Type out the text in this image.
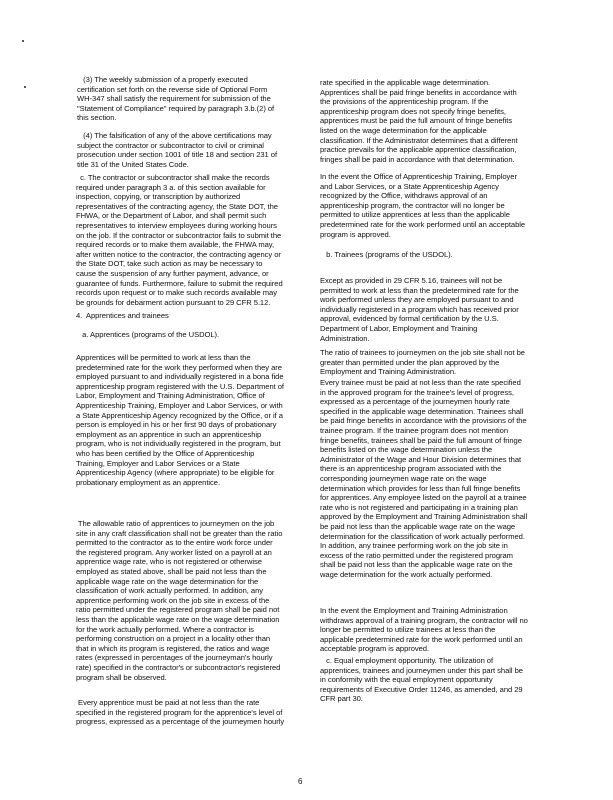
(3) The weekly submission of a properly executed
certification set forth on the reverse side of Optional Form
WH-347 shall satisfy the requirement for submission of the
"Statement of Compliance" required by paragraph 3.b.(2) of
this section.
(4) The falsification of any of the above certifications may
subject the contractor or subcontractor to civil or criminal
prosecution under section 1001 of title 18 and section 231 of
title 31 of the United States Code.
c. The contractor or subcontractor shall make the records
required under paragraph 3 a. of this section available for
inspection, copying, or transcription by authorized
representatives of the contracting agency, the State DOT, the
FHWA, or the Department of Labor, and shall permit such
representatives to interview employees during working hours
on the job. If the contractor or subcontractor fails to submit the
required records or to make them available, the FHWA may,
after written notice to the contractor, the contracting agency or
the State DOT, take such action as may be necessary to
cause the suspension of any further payment, advance, or
guarantee of funds. Furthermore, failure to submit the required
records upon request or to make such records available may
be grounds for debarment action pursuant to 29 CFR 5.12.
4.  Apprentices and trainees
a. Apprentices (programs of the USDOL).
Apprentices will be permitted to work at less than the
predetermined rate for the work they performed when they are
employed pursuant to and individually registered in a bona fide
apprenticeship program registered with the U.S. Department of
Labor, Employment and Training Administration, Office of
Apprenticeship Training, Employer and Labor Services, or with
a State Apprenticeship Agency recognized by the Office, or if a
person is employed in his or her first 90 days of probationary
employment as an apprentice in such an apprenticeship
program, who is not individually registered in the program, but
who has been certified by the Office of Apprenticeship
Training, Employer and Labor Services or a State
Apprenticeship Agency (where appropriate) to be eligible for
probationary employment as an apprentice.
The allowable ratio of apprentices to journeymen on the job
site in any craft classification shall not be greater than the ratio
permitted to the contractor as to the entire work force under
the registered program. Any worker listed on a payroll at an
apprentice wage rate, who is not registered or otherwise
employed as stated above, shall be paid not less than the
applicable wage rate on the wage determination for the
classification of work actually performed. In addition, any
apprentice performing work on the job site in excess of the
ratio permitted under the registered program shall be paid not
less than the applicable wage rate on the wage determination
for the work actually performed. Where a contractor is
performing construction on a project in a locality other than
that in which its program is registered, the ratios and wage
rates (expressed in percentages of the journeyman's hourly
rate) specified in the contractor's or subcontractor's registered
program shall be observed.
Every apprentice must be paid at not less than the rate
specified in the registered program for the apprentice's level of
progress, expressed as a percentage of the journeymen hourly
rate specified in the applicable wage determination.
Apprentices shall be paid fringe benefits in accordance with
the provisions of the apprenticeship program. If the
apprenticeship program does not specify fringe benefits,
apprentices must be paid the full amount of fringe benefits
listed on the wage determination for the applicable
classification. If the Administrator determines that a different
practice prevails for the applicable apprentice classification,
fringes shall be paid in accordance with that determination.
In the event the Office of Apprenticeship Training, Employer
and Labor Services, or a State Apprenticeship Agency
recognized by the Office, withdraws approval of an
apprenticeship program, the contractor will no longer be
permitted to utilize apprentices at less than the applicable
predetermined rate for the work performed until an acceptable
program is approved.
b. Trainees (programs of the USDOL).
Except as provided in 29 CFR 5.16, trainees will not be
permitted to work at less than the predetermined rate for the
work performed unless they are employed pursuant to and
individually registered in a program which has received prior
approval, evidenced by formal certification by the U.S.
Department of Labor, Employment and Training
Administration.
The ratio of trainees to journeymen on the job site shall not be
greater than permitted under the plan approved by the
Employment and Training Administration.
Every trainee must be paid at not less than the rate specified
in the approved program for the trainee's level of progress,
expressed as a percentage of the journeymen hourly rate
specified in the applicable wage determination. Trainees shall
be paid fringe benefits in accordance with the provisions of the
trainee program. If the trainee program does not mention
fringe benefits, trainees shall be paid the full amount of fringe
benefits listed on the wage determination unless the
Administrator of the Wage and Hour Division determines that
there is an apprenticeship program associated with the
corresponding journeymen wage rate on the wage
determination which provides for less than full fringe benefits
for apprentices. Any employee listed on the payroll at a trainee
rate who is not registered and participating in a training plan
approved by the Employment and Training Administration shall
be paid not less than the applicable wage rate on the wage
determination for the classification of work actually performed.
In addition, any trainee performing work on the job site in
excess of the ratio permitted under the registered program
shall be paid not less than the applicable wage rate on the
wage determination for the work actually performed.
In the event the Employment and Training Administration
withdraws approval of a training program, the contractor will no
longer be permitted to utilize trainees at less than the
applicable predetermined rate for the work performed until an
acceptable program is approved.
c. Equal employment opportunity. The utilization of
apprentices, trainees and journeymen under this part shall be
in conformity with the equal employment opportunity
requirements of Executive Order 11246, as amended, and 29
CFR part 30.
6
